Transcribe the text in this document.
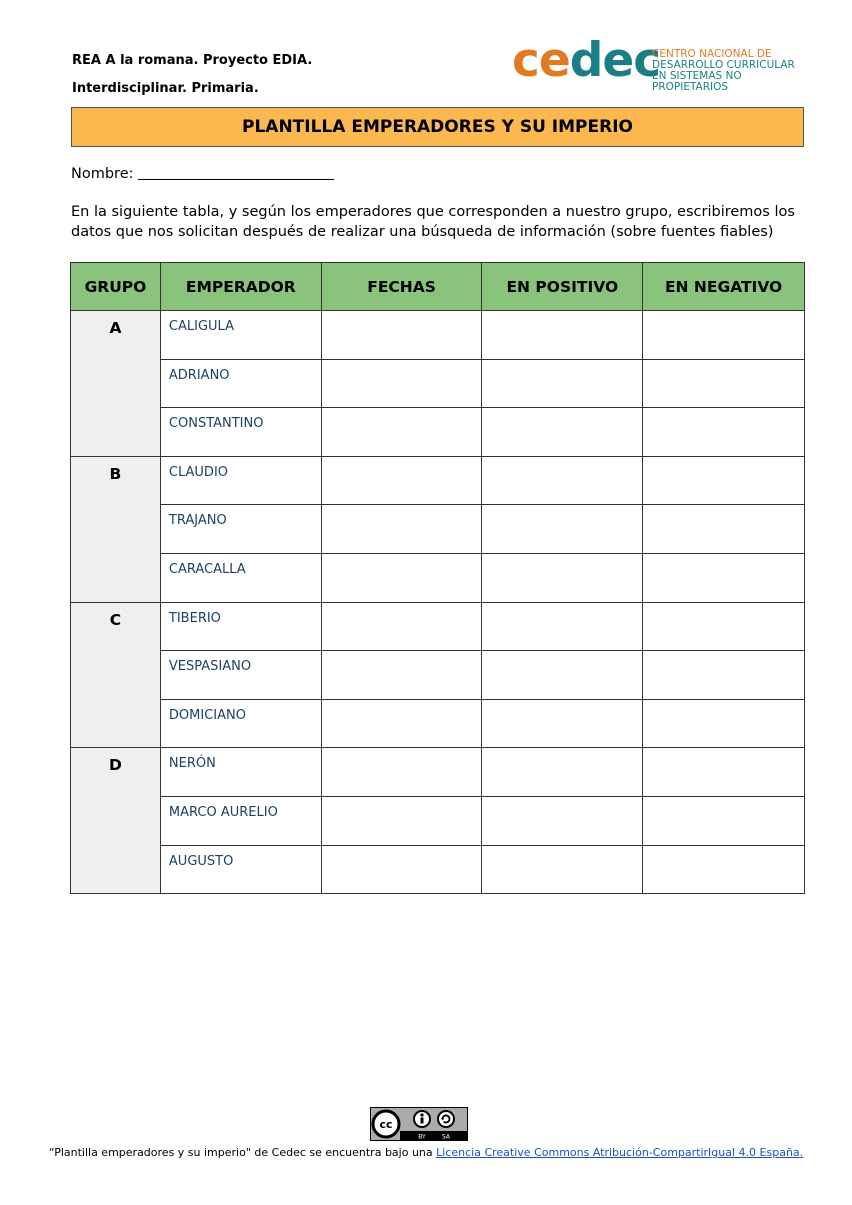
REA A la romana. Proyecto EDIA.
Interdisciplinar. Primaria.
cedec
CENTRO NACIONAL DE
DESARROLLO CURRICULAR
EN SISTEMAS NO PROPIETARIOS
PLANTILLA EMPERADORES Y SU IMPERIO
Nombre:
En la siguiente tabla, y según los emperadores que corresponden a nuestro grupo, escribiremos los datos que nos solicitan después de realizar una búsqueda de información (sobre fuentes fiables)
GRUPO	EMPERADOR	FECHAS	EN POSITIVO	EN NEGATIVO
A	CALIGULA			
	ADRIANO			
	CONSTANTINO			
B	CLAUDIO			
	TRAJANO			
	CARACALLA			
C	TIBERIO			
	VESPASIANO			
	DOMICIANO			
D	NERÓN			
	MARCO AURELIO			
	AUGUSTO			
cc
BY	SA
“Plantilla emperadores y su imperio" de Cedec se encuentra bajo una Licencia Creative Commons Atribución-CompartirIgual 4.0 España.
